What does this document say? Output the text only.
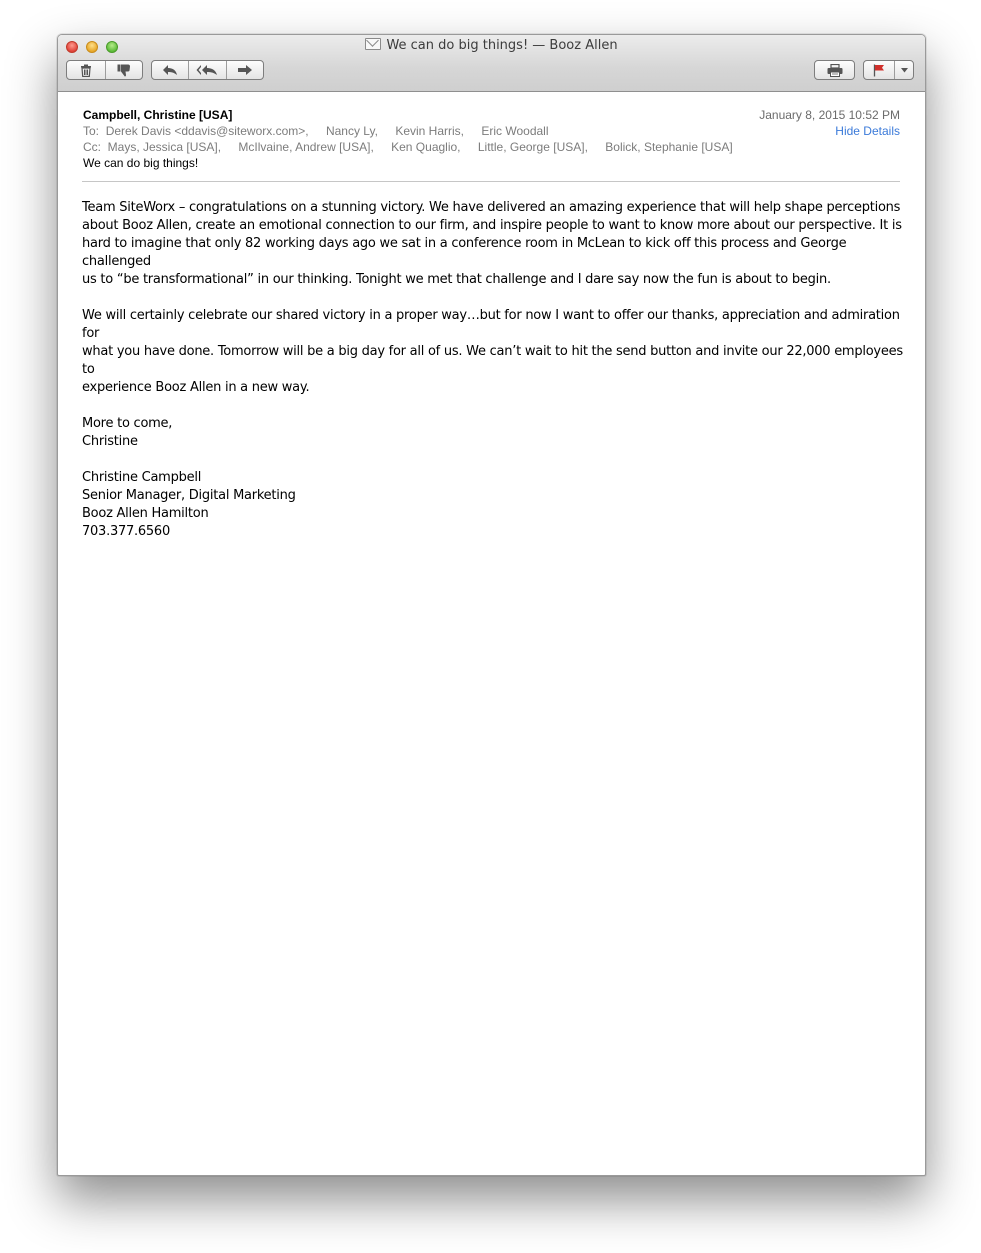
We can do big things! — Booz Allen
Campbell, Christine [USA]	January 8, 2015 10:52 PM
Hide Details
To: Derek Davis <ddavis@siteworx.com>, Nancy Ly, Kevin Harris, Eric Woodall
Cc: Mays, Jessica [USA], McIlvaine, Andrew [USA], Ken Quaglio, Little, George [USA], Bolick, Stephanie [USA]
We can do big things!

Team SiteWorx – congratulations on a stunning victory. We have delivered an amazing experience that will help shape perceptions
about Booz Allen, create an emotional connection to our firm, and inspire people to want to know more about our perspective. It is
hard to imagine that only 82 working days ago we sat in a conference room in McLean to kick off this process and George challenged
us to “be transformational” in our thinking. Tonight we met that challenge and I dare say now the fun is about to begin.

We will certainly celebrate our shared victory in a proper way…but for now I want to offer our thanks, appreciation and admiration for
what you have done. Tomorrow will be a big day for all of us. We can’t wait to hit the send button and invite our 22,000 employees to
experience Booz Allen in a new way.

More to come,
Christine

Christine Campbell
Senior Manager, Digital Marketing
Booz Allen Hamilton
703.377.6560
